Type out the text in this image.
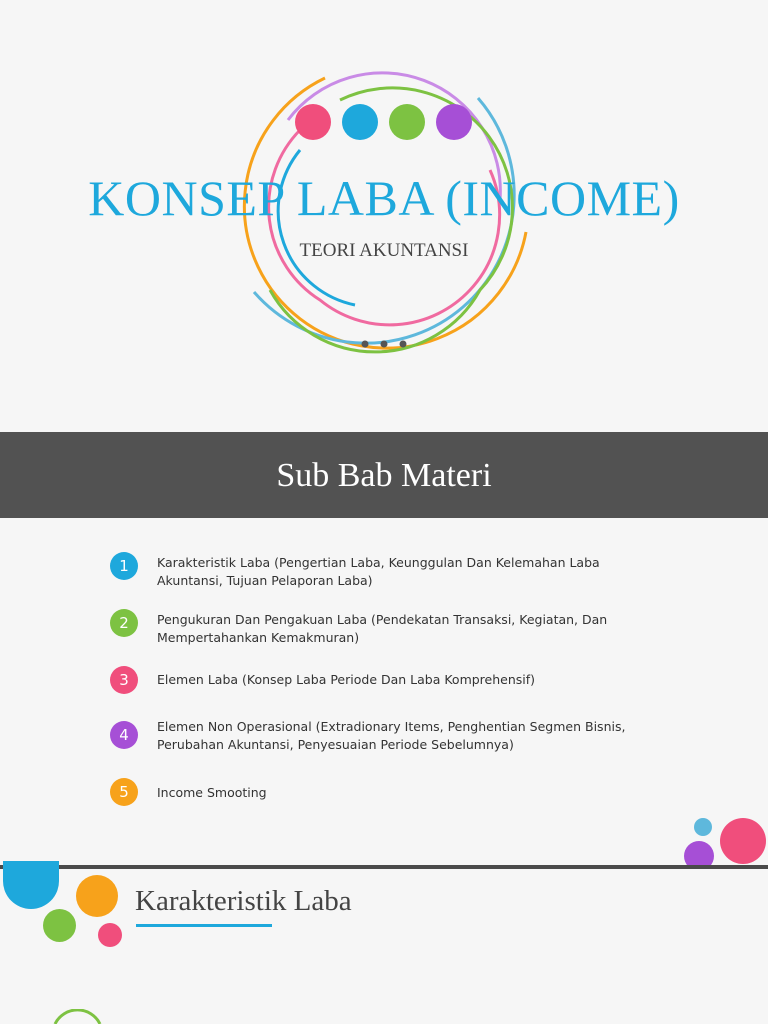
KONSEP LABA (INCOME)
TEORI AKUNTANSI
Sub Bab Materi
1	Karakteristik Laba (Pengertian Laba, Keunggulan Dan Kelemahan Laba Akuntansi, Tujuan Pelaporan Laba)
2	Pengukuran Dan Pengakuan Laba (Pendekatan Transaksi, Kegiatan, Dan Mempertahankan Kemakmuran)
3	Elemen Laba (Konsep Laba Periode Dan Laba Komprehensif)
4	Elemen Non Operasional (Extradionary Items, Penghentian Segmen Bisnis, Perubahan Akuntansi, Penyesuaian Periode Sebelumnya)
5	Income Smooting
Karakteristik Laba
